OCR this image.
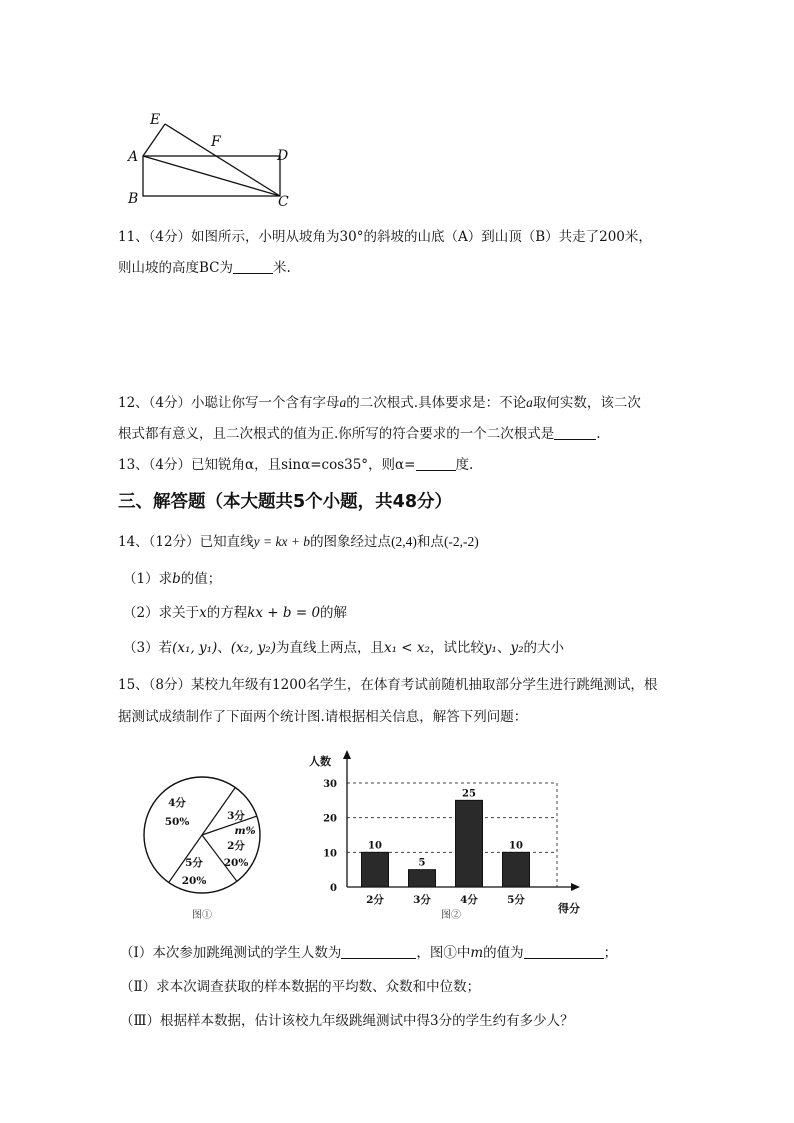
E
F
A	D
B	C
11、（4分）如图所示，小明从坡角为30°的斜坡的山底（A）到山顶（B）共走了200米，
则山坡的高度BC为	米.
12、（4分）小聪让你写一个含有字母a的二次根式.具体要求是：不论a取何实数，该二次
根式都有意义，且二次根式的值为正.你所写的符合要求的一个二次根式是	.
13、（4分）已知锐角α，且sinα=cos35°，则α=	度.
三、解答题（本大题共5个小题，共48分）
14、（12分）已知直线y = kx + b的图象经过点(2,4)和点(-2,-2)
（1）求b的值；
（2）求关于x的方程kx + b = 0的解
（3）若(x₁, y₁)、(x₂, y₂)为直线上两点，且x₁ < x₂，试比较y₁、y₂的大小
15、（8分）某校九年级有1200名学生，在体育考试前随机抽取部分学生进行跳绳测试，根
据测试成绩制作了下面两个统计图.请根据相关信息，解答下列问题：
4分
50%	3分
m%
2分
20%
5分
20%
图①
人数
0
10
20
30
10
5
25
10
2分	3分	4分	5分
得分
图②
（Ⅰ）本次参加跳绳测试的学生人数为	，图①中m的值为	；
（Ⅱ）求本次调查获取的样本数据的平均数、众数和中位数；
（Ⅲ）根据样本数据，估计该校九年级跳绳测试中得3分的学生约有多少人？
